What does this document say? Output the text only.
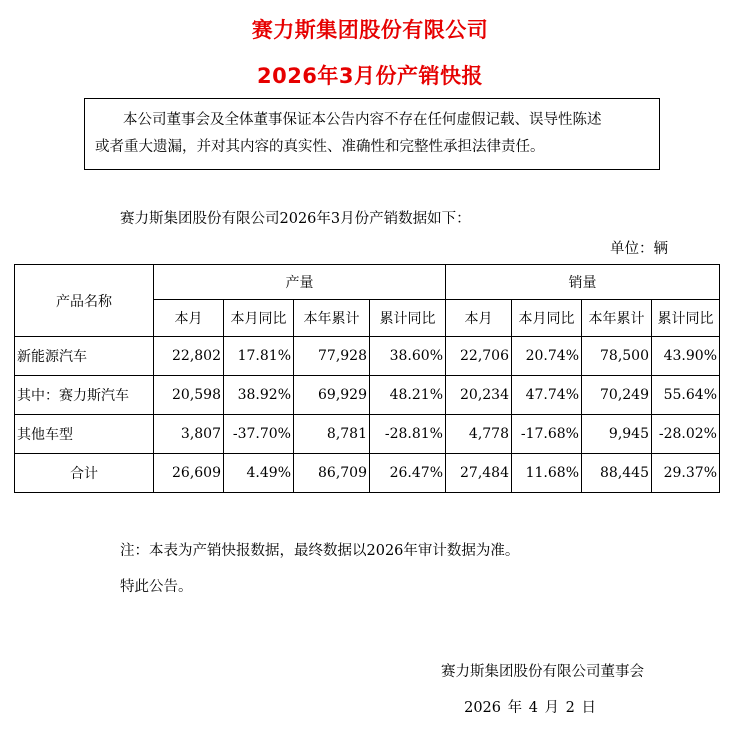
赛力斯集团股份有限公司
2026年3月份产销快报
本公司董事会及全体董事保证本公告内容不存在任何虚假记载、误导性陈述
或者重大遗漏，并对其内容的真实性、准确性和完整性承担法律责任。
赛力斯集团股份有限公司2026年3月份产销数据如下：
单位：辆
产品名称	产量				销量			
	本月	本月同比	本年累计	累计同比	本月	本月同比	本年累计	累计同比
新能源汽车	22,802	17.81%	77,928	38.60%	22,706	20.74%	78,500	43.90%
其中：赛力斯汽车	20,598	38.92%	69,929	48.21%	20,234	47.74%	70,249	55.64%
其他车型	3,807	-37.70%	8,781	-28.81%	4,778	-17.68%	9,945	-28.02%
合计	26,609	4.49%	86,709	26.47%	27,484	11.68%	88,445	29.37%
注：本表为产销快报数据，最终数据以2026年审计数据为准。
特此公告。
赛力斯集团股份有限公司董事会
2026 年 4 月 2 日
